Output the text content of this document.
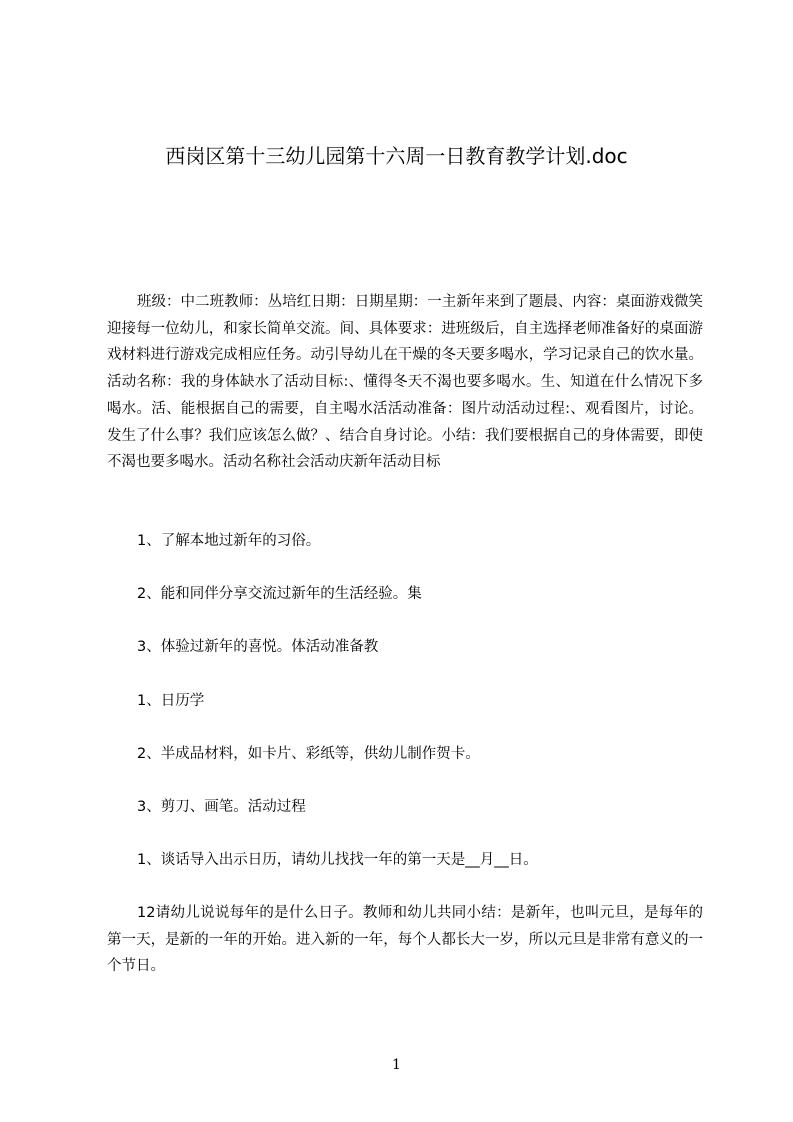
西岗区第十三幼儿园第十六周一日教育教学计划.doc
班级：中二班教师：丛培红日期：日期星期：一主新年来到了题晨、内容：桌面游戏微笑迎接每一位幼儿，和家长简单交流。间、具体要求：进班级后，自主选择老师准备好的桌面游戏材料进行游戏完成相应任务。动引导幼儿在干燥的冬天要多喝水，学习记录自己的饮水量。活动名称：我的身体缺水了活动目标:、懂得冬天不渴也要多喝水。生、知道在什么情况下多喝水。活、能根据自己的需要，自主喝水活活动准备：图片动活动过程:、观看图片，讨论。发生了什么事？我们应该怎么做？、结合自身讨论。小结：我们要根据自己的身体需要，即使不渴也要多喝水。活动名称社会活动庆新年活动目标
1、了解本地过新年的习俗。
2、能和同伴分享交流过新年的生活经验。集
3、体验过新年的喜悦。体活动准备教
1、日历学
2、半成品材料，如卡片、彩纸等，供幼儿制作贺卡。
3、剪刀、画笔。活动过程
1、谈话导入出示日历，请幼儿找找一年的第一天是__月__日。
12请幼儿说说每年的是什么日子。教师和幼儿共同小结：是新年，也叫元旦，是每年的第一天，是新的一年的开始。进入新的一年，每个人都长大一岁，所以元旦是非常有意义的一个节日。
1
